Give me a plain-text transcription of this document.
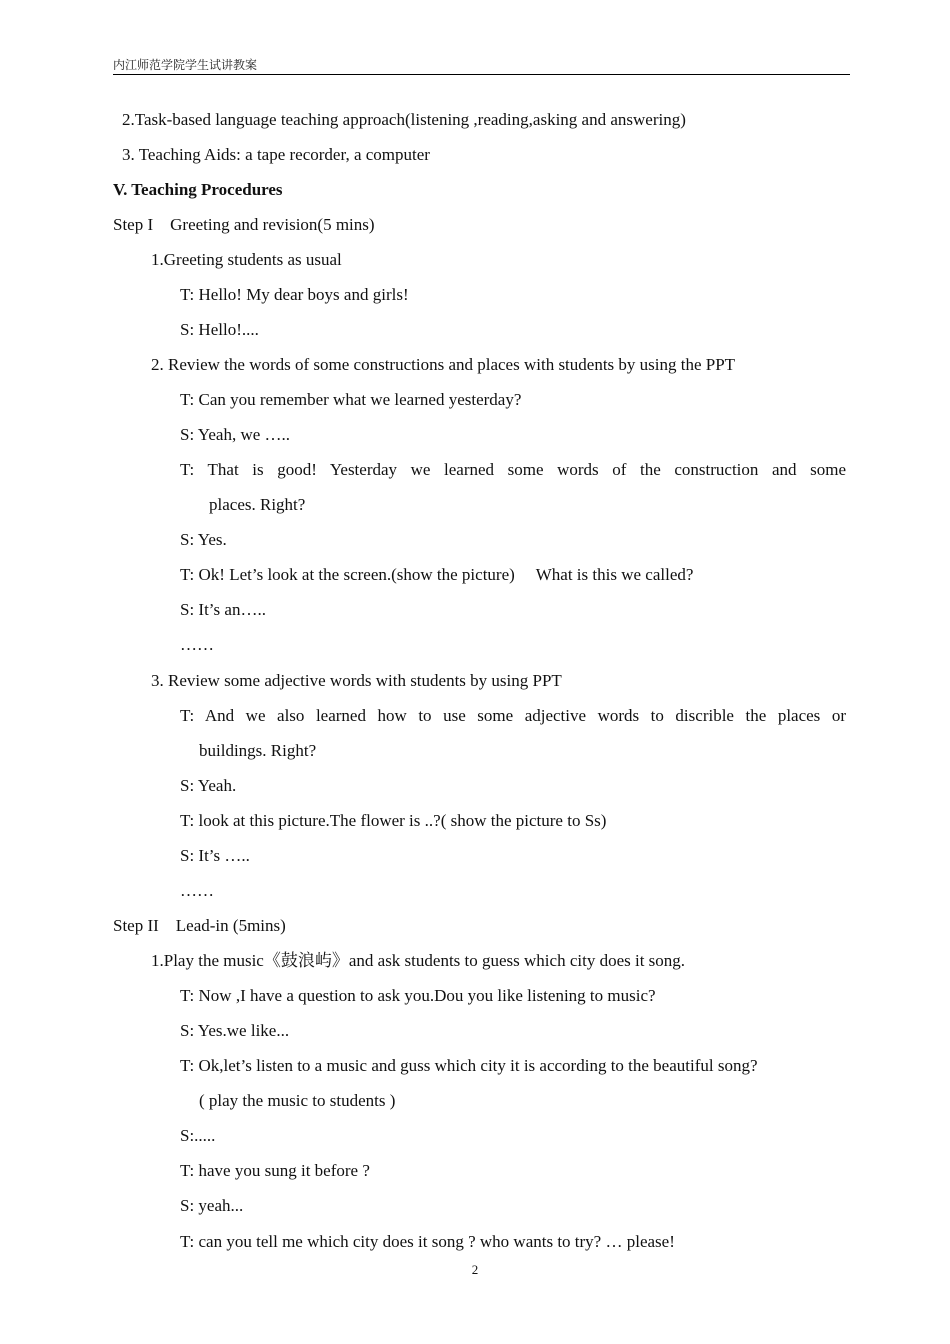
内江师范学院学生试讲教案
2.Task-based language teaching approach(listening ,reading,asking and answering)
3. Teaching Aids: a tape recorder, a computer
V. Teaching Procedures
Step I    Greeting and revision(5 mins)
1.Greeting students as usual
T: Hello! My dear boys and girls!
S: Hello!....
2. Review the words of some constructions and places with students by using the PPT
T: Can you remember what we learned yesterday?
S: Yeah, we …..
T: That is good! Yesterday we learned some words of the construction and some
places. Right?
S: Yes.
T: Ok! Let’s look at the screen.(show the picture)     What is this we called?
S: It’s an…..
……
3. Review some adjective words with students by using PPT
T: And we also learned how to use some adjective words to discrible the places or
buildings. Right?
S: Yeah.
T: look at this picture.The flower is ..?( show the picture to Ss)
S: It’s …..
……
Step II    Lead-in (5mins)
1.Play the music《鼓浪屿》and ask students to guess which city does it song.
T: Now ,I have a question to ask you.Dou you like listening to music?
S: Yes.we like...
T: Ok,let’s listen to a music and guss which city it is according to the beautiful song?
( play the music to students )
S:.....
T: have you sung it before ?
S: yeah...
T: can you tell me which city does it song ? who wants to try? … please!
2
